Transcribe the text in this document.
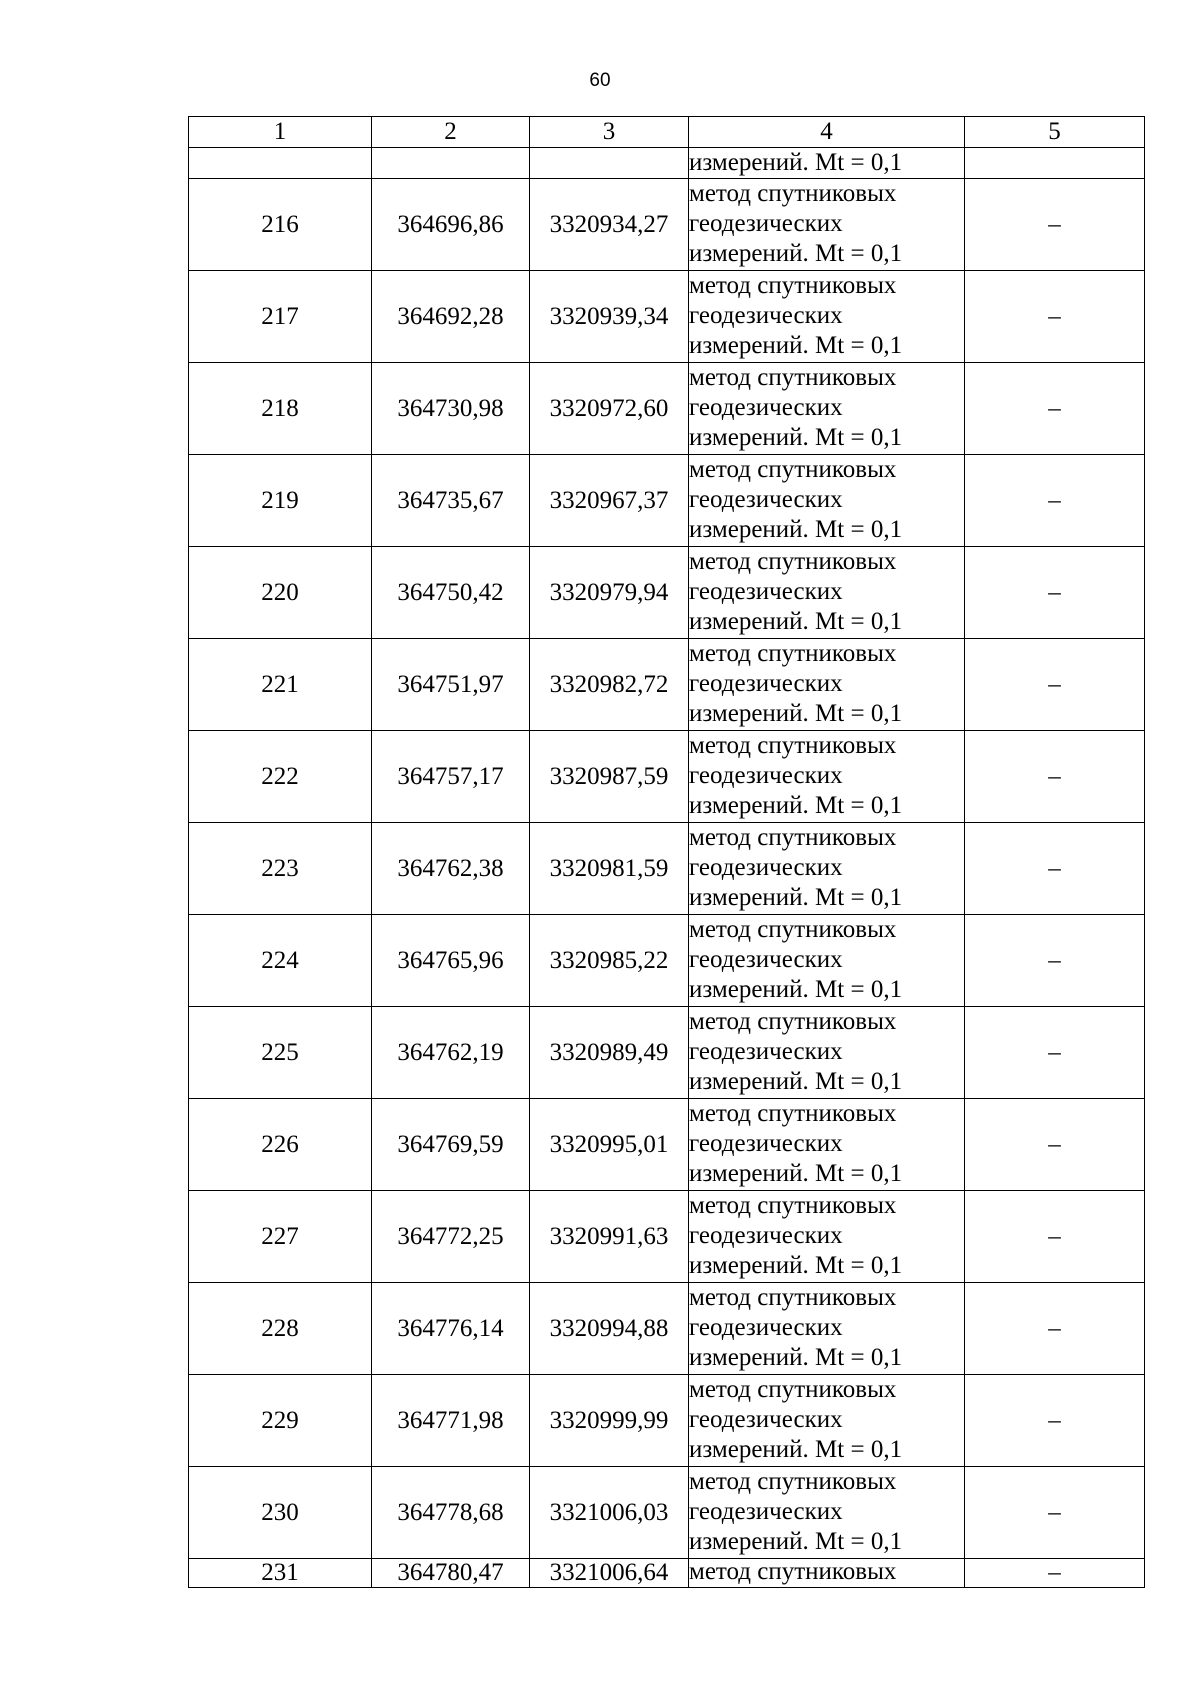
60
1	2	3	4	5
			измерений. Mt = 0,1	
216	364696,86	3320934,27	метод спутниковых
геодезических
измерений. Mt = 0,1	–
217	364692,28	3320939,34	метод спутниковых
геодезических
измерений. Mt = 0,1	–
218	364730,98	3320972,60	метод спутниковых
геодезических
измерений. Mt = 0,1	–
219	364735,67	3320967,37	метод спутниковых
геодезических
измерений. Mt = 0,1	–
220	364750,42	3320979,94	метод спутниковых
геодезических
измерений. Mt = 0,1	–
221	364751,97	3320982,72	метод спутниковых
геодезических
измерений. Mt = 0,1	–
222	364757,17	3320987,59	метод спутниковых
геодезических
измерений. Mt = 0,1	–
223	364762,38	3320981,59	метод спутниковых
геодезических
измерений. Mt = 0,1	–
224	364765,96	3320985,22	метод спутниковых
геодезических
измерений. Mt = 0,1	–
225	364762,19	3320989,49	метод спутниковых
геодезических
измерений. Mt = 0,1	–
226	364769,59	3320995,01	метод спутниковых
геодезических
измерений. Mt = 0,1	–
227	364772,25	3320991,63	метод спутниковых
геодезических
измерений. Mt = 0,1	–
228	364776,14	3320994,88	метод спутниковых
геодезических
измерений. Mt = 0,1	–
229	364771,98	3320999,99	метод спутниковых
геодезических
измерений. Mt = 0,1	–
230	364778,68	3321006,03	метод спутниковых
геодезических
измерений. Mt = 0,1	–
231	364780,47	3321006,64	метод спутниковых	–
